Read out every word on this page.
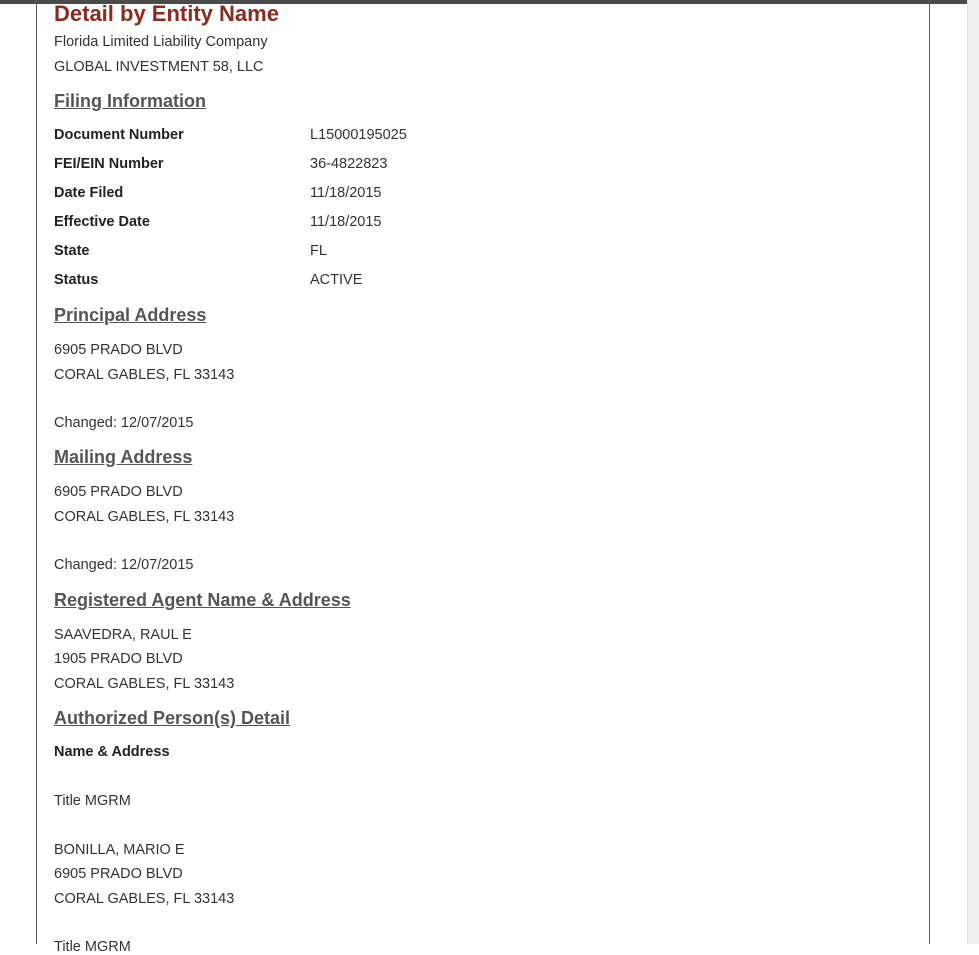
Detail by Entity Name
Florida Limited Liability Company
GLOBAL INVESTMENT 58, LLC
Filing Information
Document Number	L15000195025
FEI/EIN Number	36-4822823
Date Filed	11/18/2015
Effective Date	11/18/2015
State	FL
Status	ACTIVE
Principal Address
6905 PRADO BLVD
CORAL GABLES, FL 33143
Changed: 12/07/2015
Mailing Address
6905 PRADO BLVD
CORAL GABLES, FL 33143
Changed: 12/07/2015
Registered Agent Name & Address
SAAVEDRA, RAUL E
1905 PRADO BLVD
CORAL GABLES, FL 33143
Authorized Person(s) Detail
Name & Address
Title MGRM
BONILLA, MARIO E
6905 PRADO BLVD
CORAL GABLES, FL 33143
Title MGRM
